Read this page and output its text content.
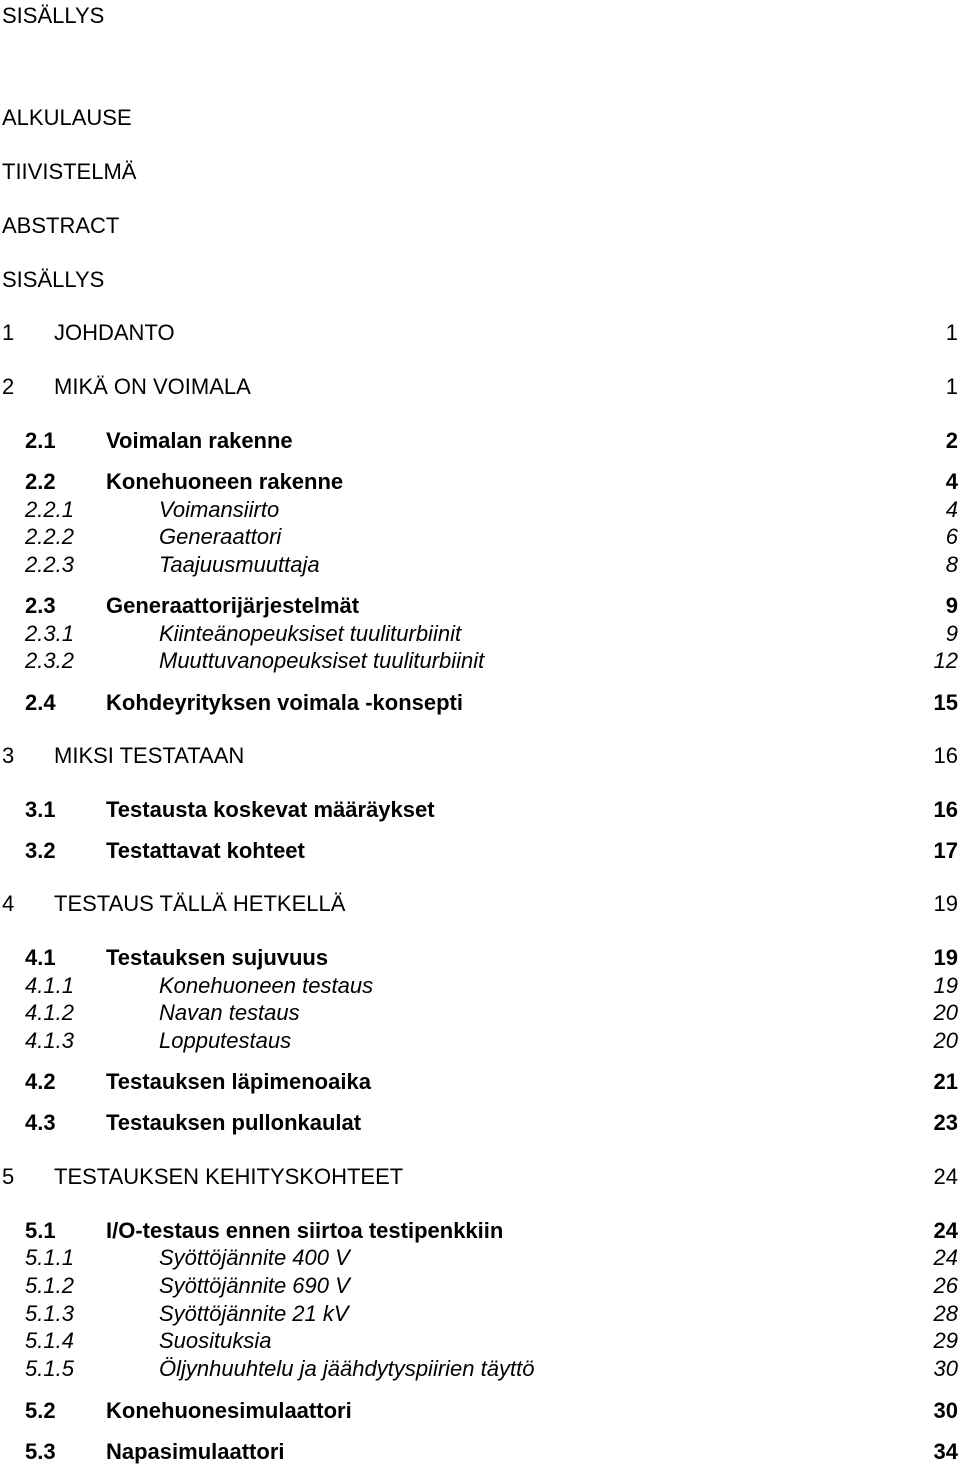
SISÄLLYS
ALKULAUSE
TIIVISTELMÄ
ABSTRACT
SISÄLLYS
1 JOHDANTO	1
2 MIKÄ ON VOIMALA	1
2.1 Voimalan rakenne	2
2.2 Konehuoneen rakenne	4
2.2.1	Voimansiirto	4
2.2.2	Generaattori	6
2.2.3	Taajuusmuuttaja	8
2.3 Generaattorijärjestelmät	9
2.3.1	Kiinteänopeuksiset tuuliturbiinit	9
2.3.2	Muuttuvanopeuksiset tuuliturbiinit	12
2.4 Kohdeyrityksen voimala -konsepti	15
3 MIKSI TESTATAAN	16
3.1 Testausta koskevat määräykset	16
3.2 Testattavat kohteet	17
4 TESTAUS TÄLLÄ HETKELLÄ	19
4.1 Testauksen sujuvuus	19
4.1.1	Konehuoneen testaus	19
4.1.2	Navan testaus	20
4.1.3	Lopputestaus	20
4.2 Testauksen läpimenoaika	21
4.3 Testauksen pullonkaulat	23
5 TESTAUKSEN KEHITYSKOHTEET	24
5.1 I/O-testaus ennen siirtoa testipenkkiin	24
5.1.1	Syöttöjännite 400 V	24
5.1.2	Syöttöjännite 690 V	26
5.1.3	Syöttöjännite 21 kV	28
5.1.4	Suosituksia	29
5.1.5	Öljynhuuhtelu ja jäähdytyspiirien täyttö	30
5.2 Konehuonesimulaattori	30
5.3 Napasimulaattori	34
